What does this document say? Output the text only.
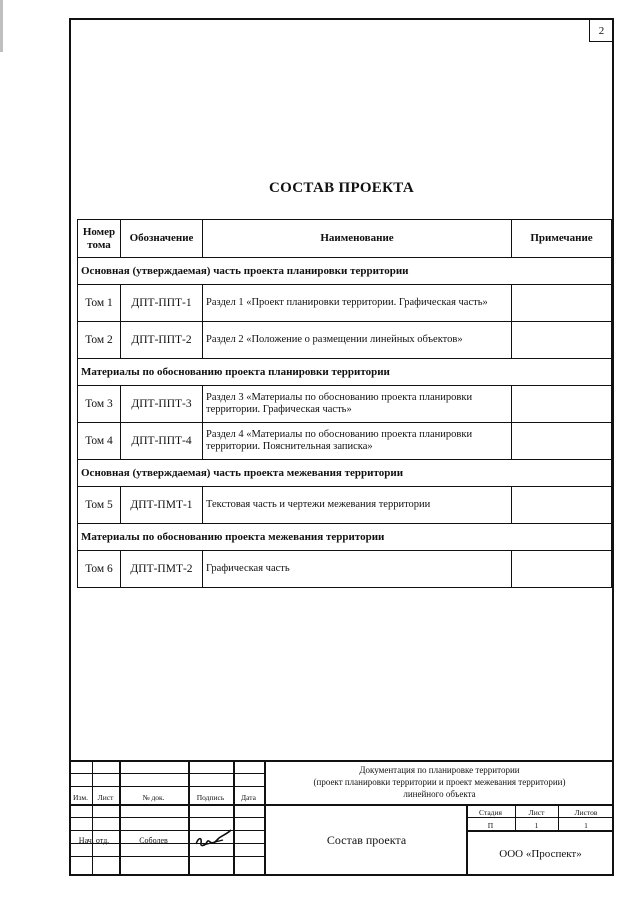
2
СОСТАВ ПРОЕКТА
Номер тома	Обозначение	Наименование	Примечание
Основная (утверждаемая) часть проекта планировки территории			
Том 1	ДПТ-ППТ-1	Раздел 1 «Проект планировки территории. Графическая часть»	
Том 2	ДПТ-ППТ-2	Раздел 2 «Положение о размещении линейных объектов»	
Материалы по обоснованию проекта планировки территории			
Том 3	ДПТ-ППТ-3	Раздел 3 «Материалы по обоснованию проекта планировки территории. Графическая часть»	
Том 4	ДПТ-ППТ-4	Раздел 4 «Материалы по обоснованию проекта планировки территории. Пояснительная записка»	
Основная (утверждаемая) часть проекта межевания территории			
Том 5	ДПТ-ПМТ-1	Текстовая часть и чертежи межевания территории	
Материалы по обоснованию проекта межевания территории			
Том 6	ДПТ-ПМТ-2	Графическая часть	
Изм.	Лист	№ док.	Подпись	Дата
Документация по планировке территории
(проект планировки территории и проект межевания территории)
линейного объекта
Стадия	Лист	Листов
П	1	1
Нач. отд.	Соболев	Состав проекта
ООО «Проспект»
